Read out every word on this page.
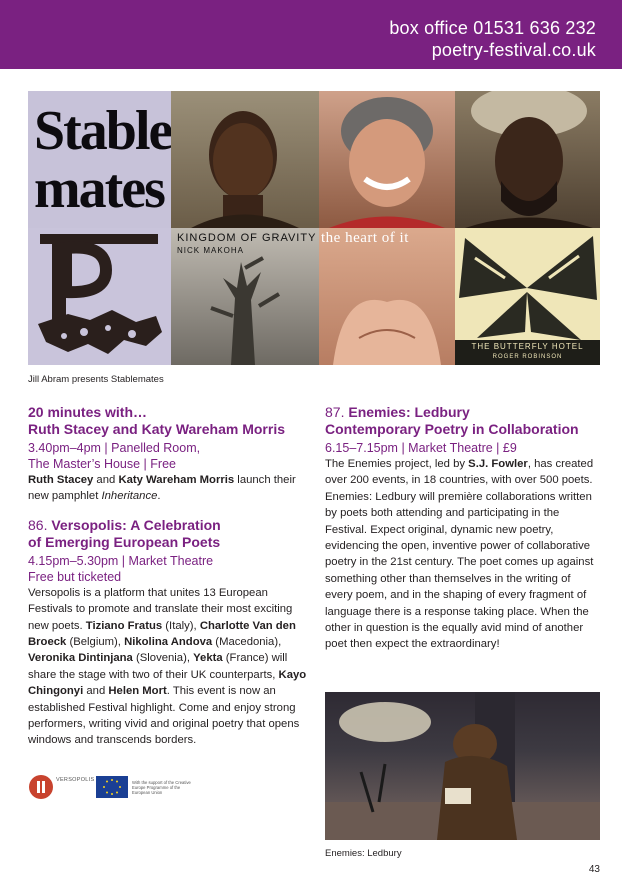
box office 01531 636 232
poetry-festival.co.uk
Stable
mates
KINGDOM OF GRAVITY
NICK MAKOHA
the heart of it
THE BUTTERFLY HOTEL
ROGER ROBINSON
Jill Abram presents Stablemates
20 minutes with…
Ruth Stacey and Katy Wareham Morris
3.40pm–4pm | Panelled Room,
The Master’s House | Free
Ruth Stacey and Katy Wareham Morris launch their new pamphlet Inheritance.
86. Versopolis: A Celebration
of Emerging European Poets
4.15pm–5.30pm | Market Theatre
Free but ticketed
Versopolis is a platform that unites 13 European Festivals to promote and translate their most exciting new poets. Tiziano Fratus (Italy), Charlotte Van den Broeck (Belgium), Nikolina Andova (Macedonia), Veronika Dintinjana (Slovenia), Yekta (France) will share the stage with two of their UK counterparts, Kayo Chingonyi and Helen Mort. This event is now an established Festival highlight. Come and enjoy strong performers, writing vivid and original poetry that opens windows and transcends borders.
VERSOPOLIS	With the support of the Creative Europe Programme of the European Union
87. Enemies: Ledbury
Contemporary Poetry in Collaboration
6.15–7.15pm | Market Theatre | £9
The Enemies project, led by S.J. Fowler, has created over 200 events, in 18 countries, with over 500 poets. Enemies: Ledbury will première collaborations written by poets both attending and participating in the Festival. Expect original, dynamic new poetry, evidencing the open, inventive power of collaborative poetry in the 21st century. The poet comes up against something other than themselves in the writing of every poem, and in the shaping of every fragment of language there is a response taking place. When the other in question is the equally avid mind of another poet then expect the extraordinary!
Enemies: Ledbury
43
